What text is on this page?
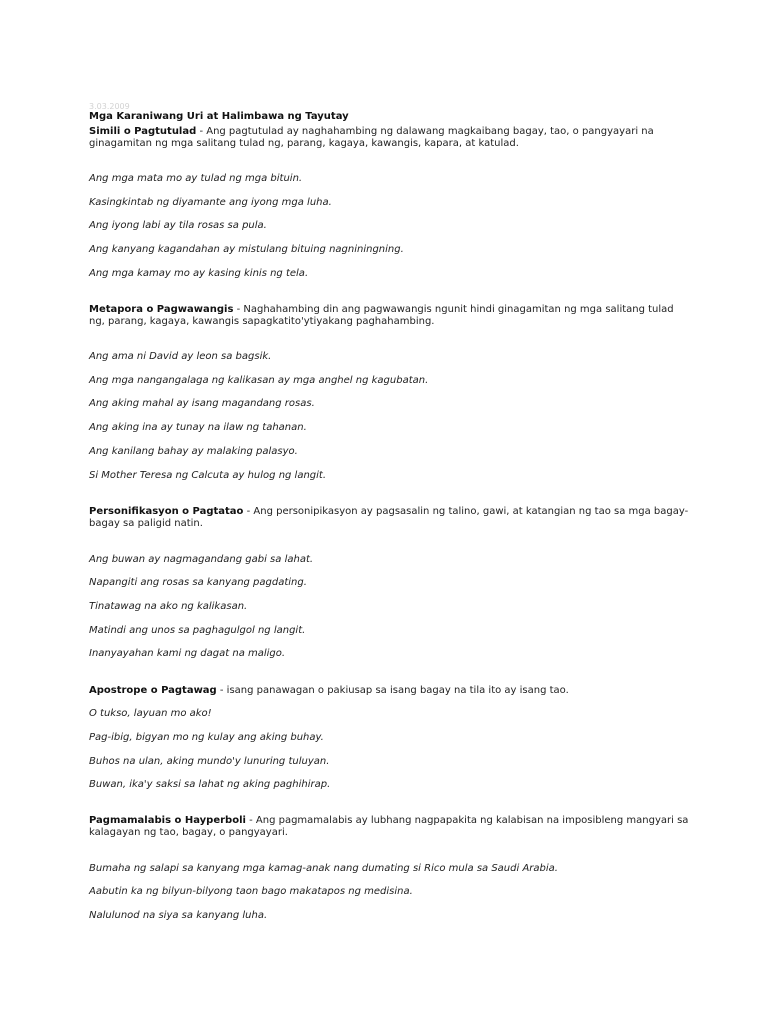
3.03.2009
Mga Karaniwang Uri at Halimbawa ng Tayutay
Simili o Pagtutulad - Ang pagtutulad ay naghahambing ng dalawang magkaibang bagay, tao, o pangyayari na ginagamitan ng mga salitang tulad ng, parang, kagaya, kawangis, kapara, at katulad.
Ang mga mata mo ay tulad ng mga bituin.
Kasingkintab ng diyamante ang iyong mga luha.
Ang iyong labi ay tila rosas sa pula.
Ang kanyang kagandahan ay mistulang bituing nagniningning.
Ang mga kamay mo ay kasing kinis ng tela.
Metapora o Pagwawangis - Naghahambing din ang pagwawangis ngunit hindi ginagamitan ng mga salitang tulad ng, parang, kagaya, kawangis sapagkatito'ytiyakang paghahambing.
Ang ama ni David ay leon sa bagsik.
Ang mga nangangalaga ng kalikasan ay mga anghel ng kagubatan.
Ang aking mahal ay isang magandang rosas.
Ang aking ina ay tunay na ilaw ng tahanan.
Ang kanilang bahay ay malaking palasyo.
Si Mother Teresa ng Calcuta ay hulog ng langit.
Personifikasyon o Pagtatao - Ang personipikasyon ay pagsasalin ng talino, gawi, at katangian ng tao sa mga bagay-bagay sa paligid natin.
Ang buwan ay nagmagandang gabi sa lahat.
Napangiti ang rosas sa kanyang pagdating.
Tinatawag na ako ng kalikasan.
Matindi ang unos sa paghagulgol ng langit.
Inanyayahan kami ng dagat na maligo.
Apostrope o Pagtawag - isang panawagan o pakiusap sa isang bagay na tila ito ay isang tao.
O tukso, layuan mo ako!
Pag-ibig, bigyan mo ng kulay ang aking buhay.
Buhos na ulan, aking mundo'y lunuring tuluyan.
Buwan, ika'y saksi sa lahat ng aking paghihirap.
Pagmamalabis o Hayperboli - Ang pagmamalabis ay lubhang nagpapakita ng kalabisan na imposibleng mangyari sa kalagayan ng tao, bagay, o pangyayari.
Bumaha ng salapi sa kanyang mga kamag-anak nang dumating si Rico mula sa Saudi Arabia.
Aabutin ka ng bilyun-bilyong taon bago makatapos ng medisina.
Nalulunod na siya sa kanyang luha.
